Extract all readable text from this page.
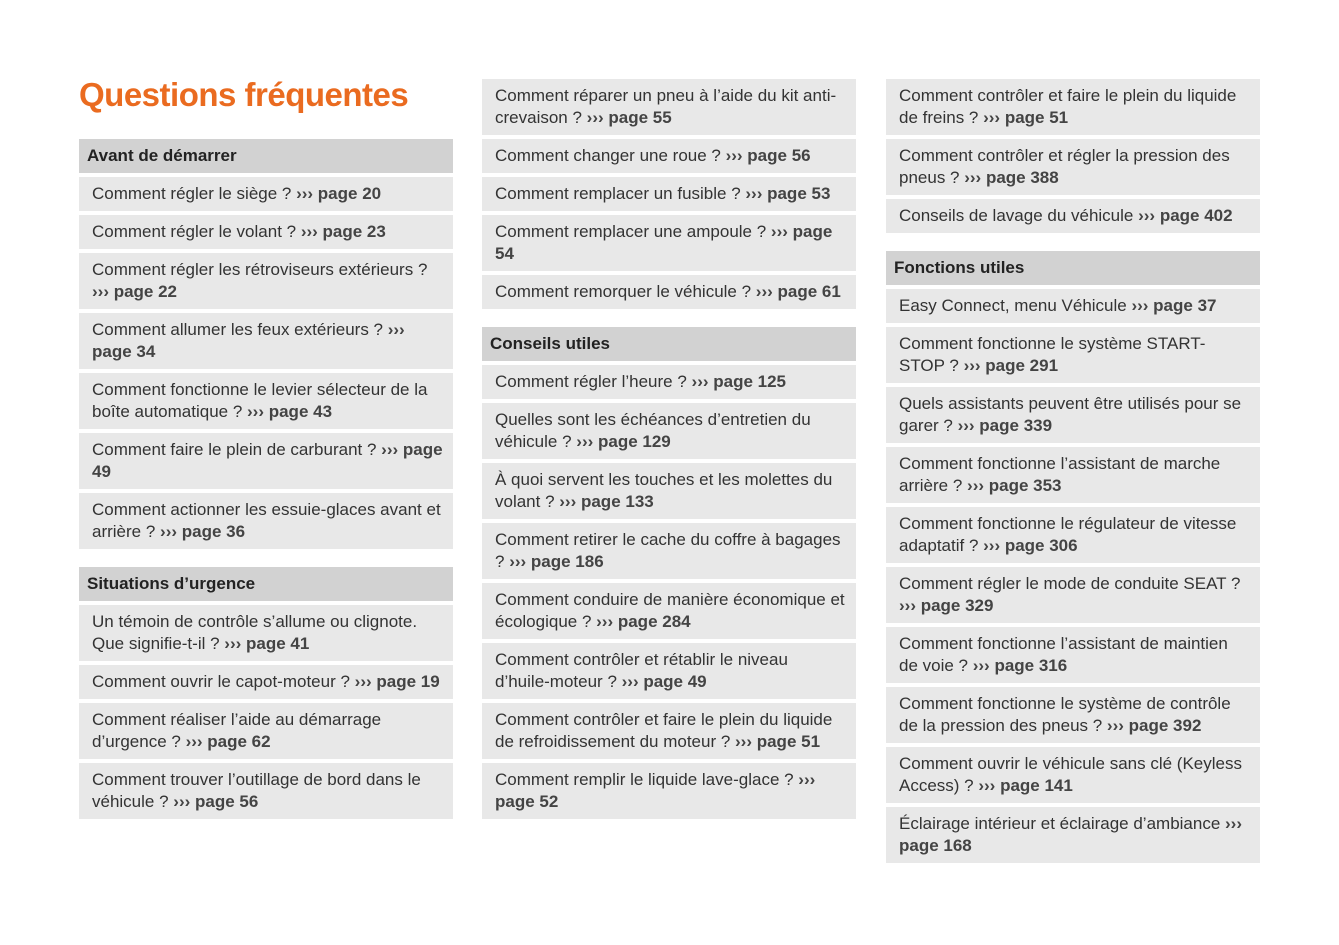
Questions fréquentes
Avant de démarrer
Comment régler le siège ? ››› page 20
Comment régler le volant ? ››› page 23
Comment régler les rétroviseurs extérieurs ? ››› page 22
Comment allumer les feux extérieurs ? ››› page 34
Comment fonctionne le levier sélecteur de la boîte automatique ? ››› page 43
Comment faire le plein de carburant ? ››› page 49
Comment actionner les essuie-glaces avant et arrière ? ››› page 36
Situations d’urgence
Un témoin de contrôle s’allume ou clignote. Que signifie-t-il ? ››› page 41
Comment ouvrir le capot-moteur ? ››› page 19
Comment réaliser l’aide au démarrage d’urgence ? ››› page 62
Comment trouver l’outillage de bord dans le véhicule ? ››› page 56
Comment réparer un pneu à l’aide du kit anti-crevaison ? ››› page 55
Comment changer une roue ? ››› page 56
Comment remplacer un fusible ? ››› page 53
Comment remplacer une ampoule ? ››› page 54
Comment remorquer le véhicule ? ››› page 61
Conseils utiles
Comment régler l’heure ? ››› page 125
Quelles sont les échéances d’entretien du véhicule ? ››› page 129
À quoi servent les touches et les molettes du volant ? ››› page 133
Comment retirer le cache du coffre à bagages ? ››› page 186
Comment conduire de manière économique et écologique ? ››› page 284
Comment contrôler et rétablir le niveau d’huile-moteur ? ››› page 49
Comment contrôler et faire le plein du liquide de refroidissement du moteur ? ››› page 51
Comment remplir le liquide lave-glace ? ››› page 52
Comment contrôler et faire le plein du liquide de freins ? ››› page 51
Comment contrôler et régler la pression des pneus ? ››› page 388
Conseils de lavage du véhicule ››› page 402
Fonctions utiles
Easy Connect, menu Véhicule ››› page 37
Comment fonctionne le système START-STOP ? ››› page 291
Quels assistants peuvent être utilisés pour se garer ? ››› page 339
Comment fonctionne l’assistant de marche arrière ? ››› page 353
Comment fonctionne le régulateur de vitesse adaptatif ? ››› page 306
Comment régler le mode de conduite SEAT ? ››› page 329
Comment fonctionne l’assistant de maintien de voie ? ››› page 316
Comment fonctionne le système de contrôle de la pression des pneus ? ››› page 392
Comment ouvrir le véhicule sans clé (Keyless Access) ? ››› page 141
Éclairage intérieur et éclairage d’ambiance ››› page 168
